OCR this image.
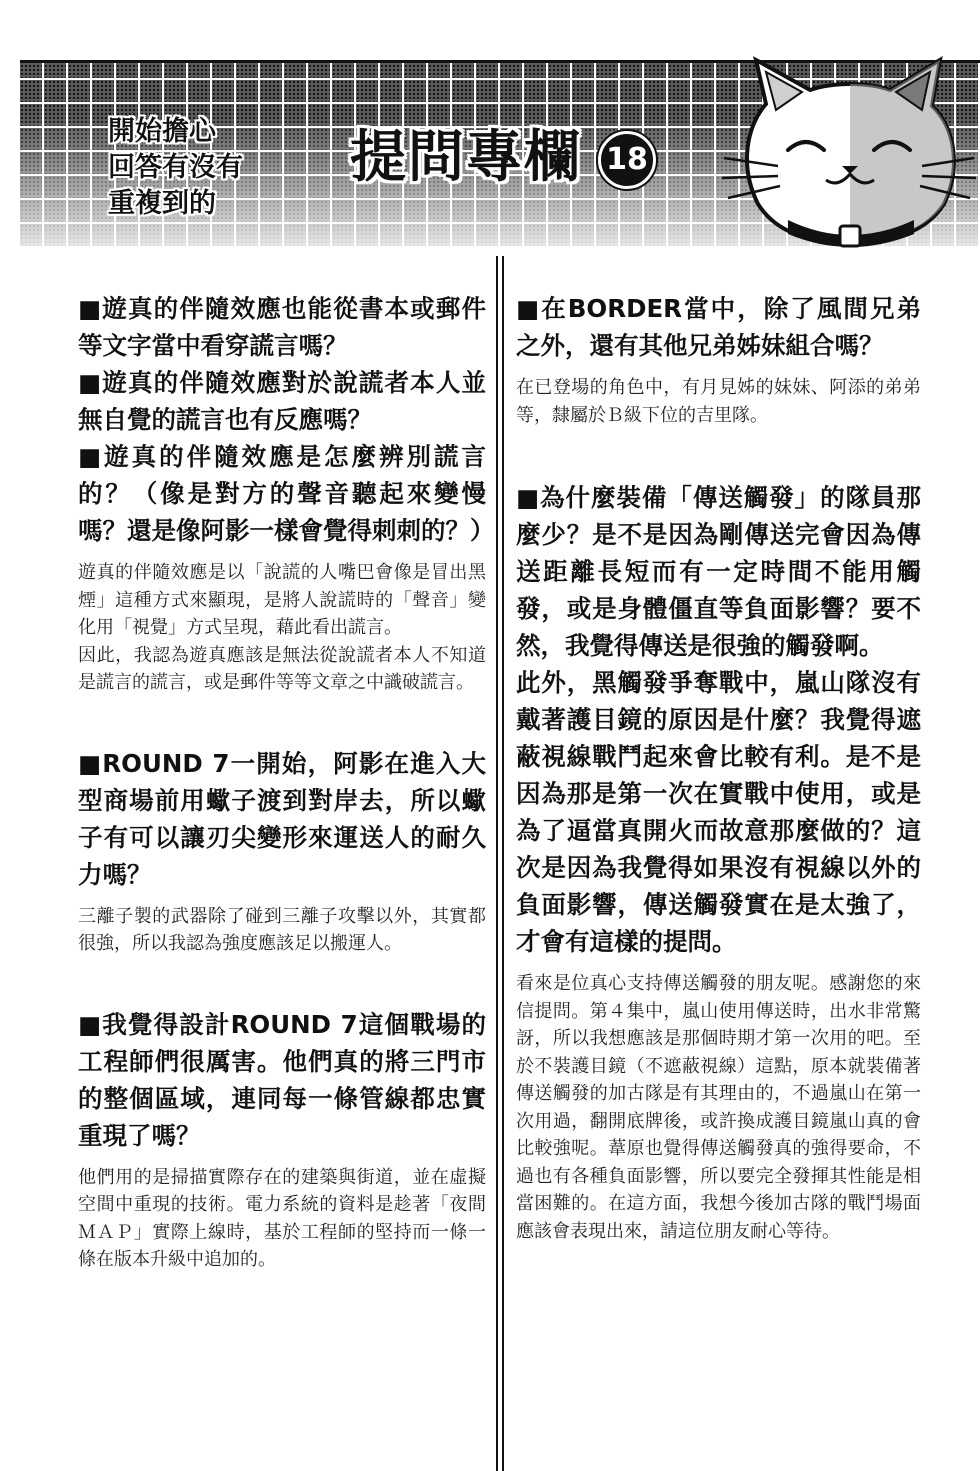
開始擔心
回答有沒有
重複到的
提問專欄 18

■遊真的伴隨效應也能從書本或郵件等文字當中看穿謊言嗎？

■遊真的伴隨效應對於說謊者本人並無自覺的謊言也有反應嗎？

■遊真的伴隨效應是怎麼辨別謊言的？（像是對方的聲音聽起來變慢嗎？還是像阿影一樣會覺得刺刺的？）

遊真的伴隨效應是以「說謊的人嘴巴會像是冒出黑煙」這種方式來顯現，是將人說謊時的「聲音」變化用「視覺」方式呈現，藉此看出謊言。
因此，我認為遊真應該是無法從說謊者本人不知道是謊言的謊言，或是郵件等等文章之中識破謊言。

■ROUND 7一開始，阿影在進入大型商場前用蠍子渡到對岸去，所以蠍子有可以讓刃尖變形來運送人的耐久力嗎？

三離子製的武器除了碰到三離子攻擊以外，其實都很強，所以我認為強度應該足以搬運人。

■我覺得設計ROUND 7這個戰場的工程師們很厲害。他們真的將三門市的整個區域，連同每一條管線都忠實重現了嗎？

他們用的是掃描實際存在的建築與街道，並在虛擬空間中重現的技術。電力系統的資料是趁著「夜間ＭＡＰ」實際上線時，基於工程師的堅持而一條一條在版本升級中追加的。

■在BORDER當中，除了風間兄弟之外，還有其他兄弟姊妹組合嗎？

在已登場的角色中，有月見姊的妹妹、阿添的弟弟等，隸屬於Ｂ級下位的吉里隊。

■為什麼裝備「傳送觸發」的隊員那麼少？是不是因為剛傳送完會因為傳送距離長短而有一定時間不能用觸發，或是身體僵直等負面影響？要不然，我覺得傳送是很強的觸發啊。

此外，黑觸發爭奪戰中，嵐山隊沒有戴著護目鏡的原因是什麼？我覺得遮蔽視線戰鬥起來會比較有利。是不是因為那是第一次在實戰中使用，或是為了逼當真開火而故意那麼做的？這次是因為我覺得如果沒有視線以外的負面影響，傳送觸發實在是太強了，才會有這樣的提問。

看來是位真心支持傳送觸發的朋友呢。感謝您的來信提問。第４集中，嵐山使用傳送時，出水非常驚訝，所以我想應該是那個時期才第一次用的吧。至於不裝護目鏡（不遮蔽視線）這點，原本就裝備著傳送觸發的加古隊是有其理由的，不過嵐山在第一次用過，翻開底牌後，或許換成護目鏡嵐山真的會比較強呢。葦原也覺得傳送觸發真的強得要命，不過也有各種負面影響，所以要完全發揮其性能是相當困難的。在這方面，我想今後加古隊的戰鬥場面應該會表現出來，請這位朋友耐心等待。
